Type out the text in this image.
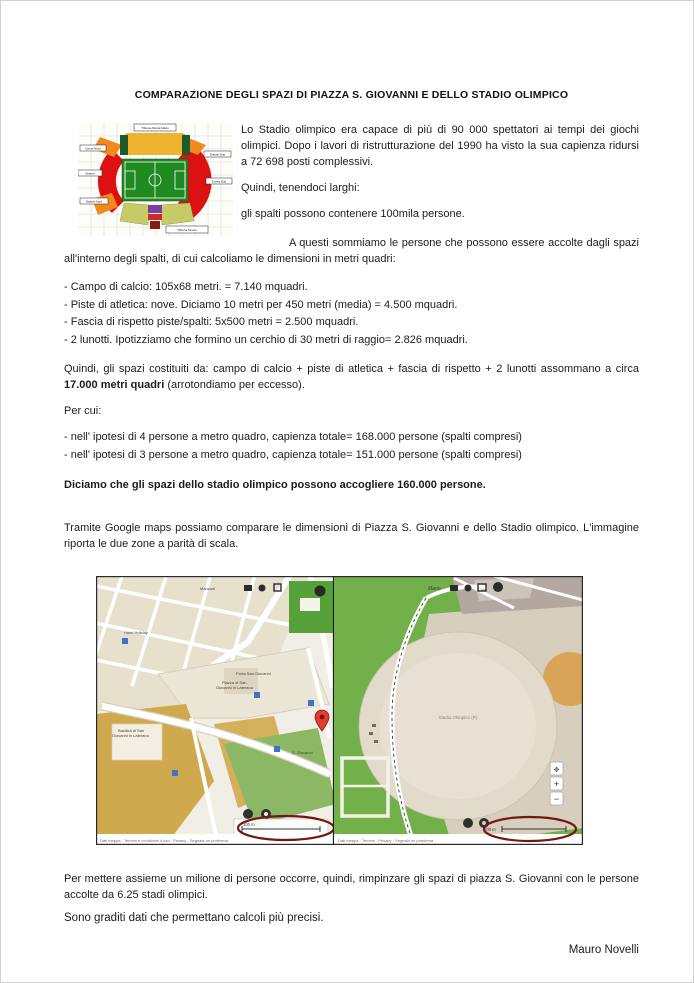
COMPARAZIONE DEGLI SPAZI DI PIAZZA S. GIOVANNI E DELLO STADIO OLIMPICO
Tribuna Monte Mario
Curva Nord
Distinti
Distinti Nord
Distinti Sud
Curva Sud
Tribuna Tevere

Lo Stadio olimpico era capace di più di 90 000 spettatori ai tempi dei giochi olimpici. Dopo i lavori di ristrutturazione del 1990 ha visto la sua capienza ridursi a 72 698 posti complessivi.

Quindi, tenendoci larghi:

gli spalti possono contenere 100mila persone.

A questi sommiamo le persone che possono essere accolte dagli spazi all'interno degli spalti, di cui calcoliamo le dimensioni in metri quadri:

- Campo di calcio: 105x68 metri. = 7.140 mquadri.
- Piste di atletica: nove. Diciamo 10 metri per 450 metri (media) = 4.500 mquadri.
- Fascia di rispetto piste/spalti: 5x500 metri = 2.500 mquadri.
- 2 lunotti. Ipotizziamo che formino un cerchio di 30 metri di raggio= 2.826 mquadri.

Quindi, gli spazi costituiti da: campo di calcio + piste di atletica + fascia di rispetto + 2 lunotti assommano a circa 17.000 metri quadri (arrotondiamo per eccesso).

Per cui:

- nell' ipotesi di 4 persone a metro quadro, capienza totale= 168.000 persone (spalti compresi)
- nell' ipotesi di 3 persone a metro quadro, capienza totale= 151.000 persone (spalti compresi)

Diciamo che gli spazi dello stadio olimpico possono accogliere 160.000 persone.

Tramite Google maps possiamo comparare le dimensioni di Piazza S. Giovanni e dello Stadio olimpico. L'immagine riporta le due zone a parità di scala.

Manzoni
Hotel Holiday
Porta San Giovanni
Piazza di San
Giovanni in Laterano
Basilica di San
Giovanni in Laterano
S. Giovanni
100 m
Dati mappa - Termini e condizioni d'uso - Privacy - Segnala un problema
Mario
Stadio Olimpico (R)
✥
+
−
100 m
Dati mappa - Termini - Privacy - Segnala un problema

Per mettere assieme un milione di persone occorre, quindi, rimpinzare gli spazi di piazza S. Giovanni con le persone accolte da 6.25 stadi olimpici.

Sono graditi dati che permettano calcoli più precisi.

Mauro Novelli
